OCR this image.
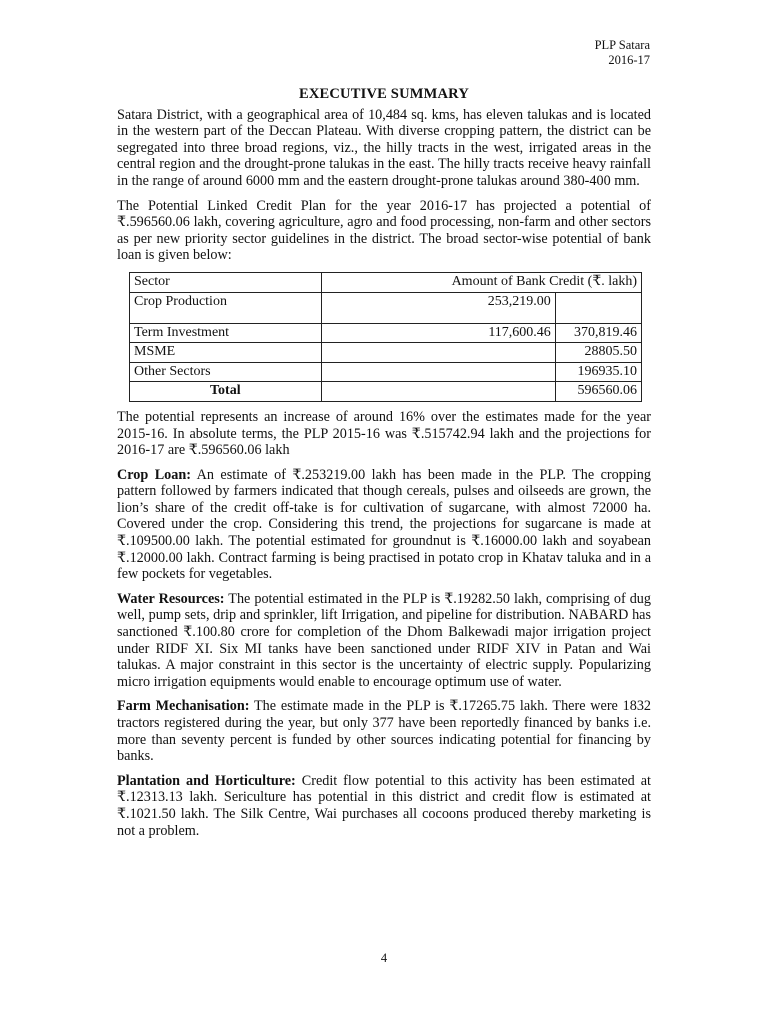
PLP Satara
2016-17
EXECUTIVE SUMMARY

Satara District, with a geographical area of 10,484 sq. kms, has eleven talukas and is located in the western part of the Deccan Plateau. With diverse cropping pattern, the district can be segregated into three broad regions, viz., the hilly tracts in the west, irrigated areas in the central region and the drought-prone talukas in the east. The hilly tracts receive heavy rainfall in the range of around 6000 mm and the eastern drought-prone talukas around 380-400 mm.

The Potential Linked Credit Plan for the year 2016-17 has projected a potential of ₹.596560.06 lakh, covering agriculture, agro and food processing, non-farm and other sectors as per new priority sector guidelines in the district. The broad sector-wise potential of bank loan is given below:

Sector	Amount of Bank Credit (₹. lakh)	
Crop Production	253,219.00	
Term Investment	117,600.46	370,819.46
MSME		28805.50
Other Sectors		196935.10
Total		596560.06

The potential represents an increase of around 16% over the estimates made for the year 2015-16. In absolute terms, the PLP 2015-16 was ₹.515742.94 lakh and the projections for 2016-17 are ₹.596560.06 lakh

Crop Loan: An estimate of ₹.253219.00 lakh has been made in the PLP. The cropping pattern followed by farmers indicated that though cereals, pulses and oilseeds are grown, the lion’s share of the credit off-take is for cultivation of sugarcane, with almost 72000 ha. Covered under the crop. Considering this trend, the projections for sugarcane is made at ₹.109500.00 lakh. The potential estimated for groundnut is ₹.16000.00 lakh and soyabean ₹.12000.00 lakh. Contract farming is being practised in potato crop in Khatav taluka and in a few pockets for vegetables.

Water Resources: The potential estimated in the PLP is ₹.19282.50 lakh, comprising of dug well, pump sets, drip and sprinkler, lift Irrigation, and pipeline for distribution. NABARD has sanctioned ₹.100.80 crore for completion of the Dhom Balkewadi major irrigation project under RIDF XI. Six MI tanks have been sanctioned under RIDF XIV in Patan and Wai talukas. A major constraint in this sector is the uncertainty of electric supply. Popularizing micro irrigation equipments would enable to encourage optimum use of water.

Farm Mechanisation: The estimate made in the PLP is ₹.17265.75 lakh. There were 1832 tractors registered during the year, but only 377 have been reportedly financed by banks i.e. more than seventy percent is funded by other sources indicating potential for financing by banks.

Plantation and Horticulture: Credit flow potential to this activity has been estimated at ₹.12313.13 lakh. Sericulture has potential in this district and credit flow is estimated at ₹.1021.50 lakh. The Silk Centre, Wai purchases all cocoons produced thereby marketing is not a problem.

4
